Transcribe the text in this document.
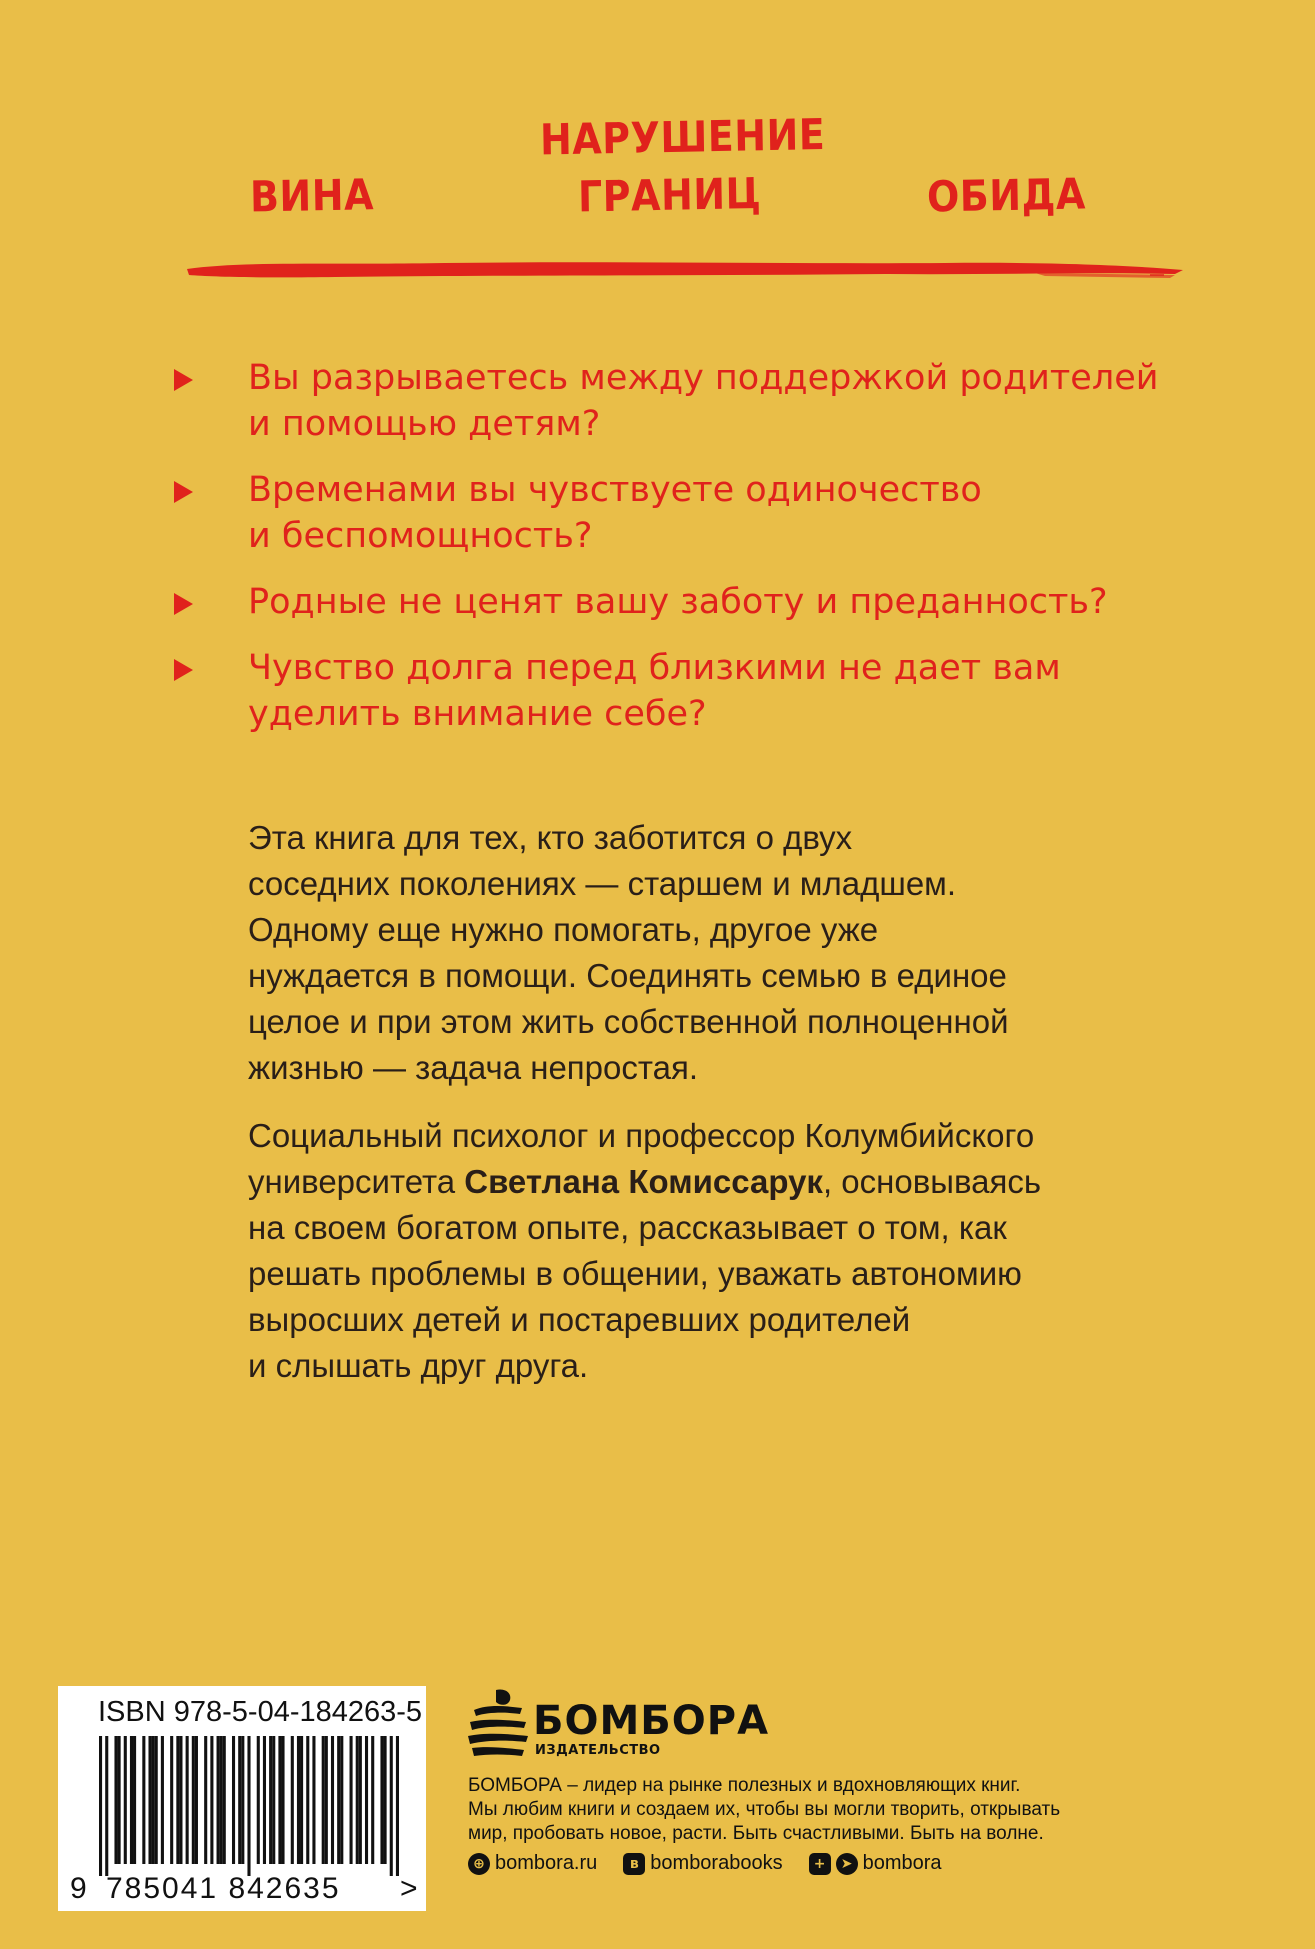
ВИНА
НАРУШЕНИЕ
ГРАНИЦ	ОБИДА
Вы разрываетесь между поддержкой родителей
и помощью детям?
Временами вы чувствуете одиночество
и беспомощность?
Родные не ценят вашу заботу и преданность?
Чувство долга перед близкими не дает вам
уделить внимание себе?
Эта книга для тех, кто заботится о двух
соседних поколениях — старшем и младшем.
Одному еще нужно помогать, другое уже
нуждается в помощи. Соединять семью в единое
целое и при этом жить собственной полноценной
жизнью — задача непростая.
Социальный психолог и профессор Колумбийского
университета Светлана Комиссарук, основываясь
на своем богатом опыте, рассказывает о том, как
решать проблемы в общении, уважать автономию
выросших детей и постаревших родителей
и слышать друг друга.
ISBN 978-5-04-184263-5
9 785041 842635 >
БОМБОРА
ИЗДАТЕЛЬСТВО
БОМБОРА – лидер на рынке полезных и вдохновляющих книг.
Мы любим книги и создаем их, чтобы вы могли творить, открывать
мир, пробовать новое, расти. Быть счастливыми. Быть на волне.
⊕ bombora.ru	в bomborabooks	+	➤ bombora
